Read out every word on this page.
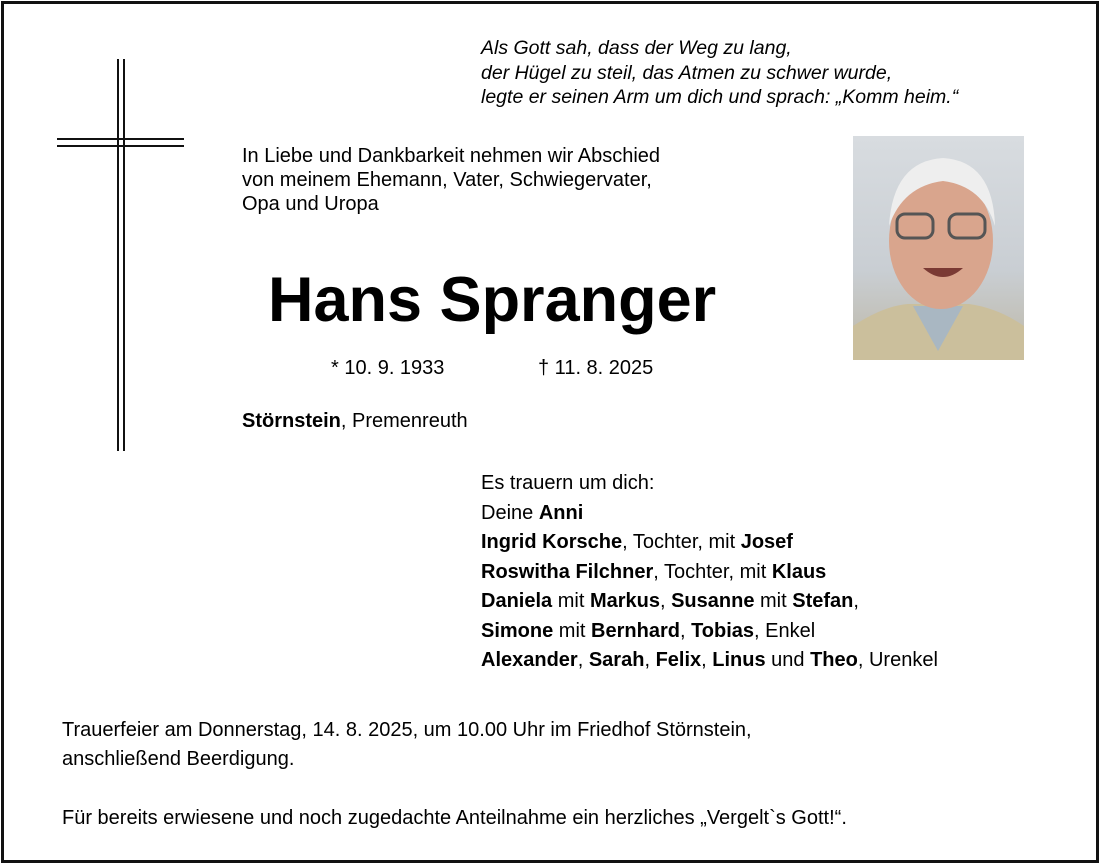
Als Gott sah, dass der Weg zu lang,
der Hügel zu steil, das Atmen zu schwer wurde,
legte er seinen Arm um dich und sprach: „Komm heim.“
In Liebe und Dankbarkeit nehmen wir Abschied
von meinem Ehemann, Vater, Schwiegervater,
Opa und Uropa
Hans Spranger
* 10. 9. 1933	† 11. 8. 2025
Störnstein, Premenreuth
Es trauern um dich:
Deine Anni
Ingrid Korsche, Tochter, mit Josef
Roswitha Filchner, Tochter, mit Klaus
Daniela mit Markus, Susanne mit Stefan,
Simone mit Bernhard, Tobias, Enkel
Alexander, Sarah, Felix, Linus und Theo, Urenkel
Trauerfeier am Donnerstag, 14. 8. 2025, um 10.00 Uhr im Friedhof Störnstein,
anschließend Beerdigung.
Für bereits erwiesene und noch zugedachte Anteilnahme ein herzliches „Vergelt`s Gott!“.
